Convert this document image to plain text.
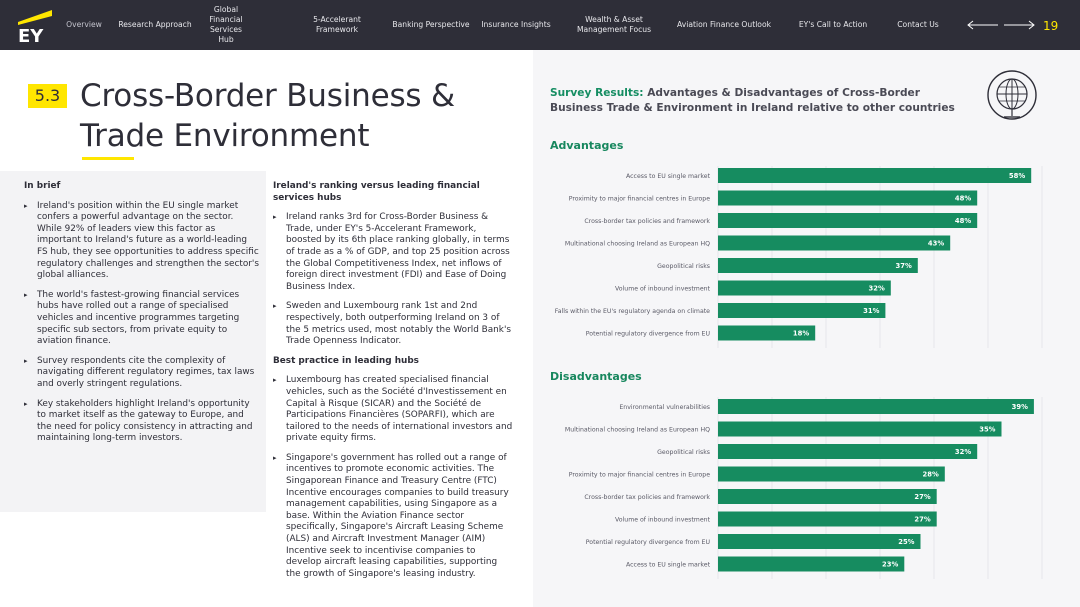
EY
Overview	Research Approach
Global Financial
Services Hub
5-Accelerant Framework
Banking Perspective Insurance Insights
Wealth & Asset
Management Focus
Aviation Finance Outlook	EY's Call to Action	Contact Us	19
5.3 Cross-Border Business &
Trade Environment
In brief
▸ Ireland's position within the EU single market confers a powerful advantage on the sector. While 92% of leaders view this factor as important to Ireland's future as a world-leading FS hub, they see opportunities to address specific regulatory challenges and strengthen the sector's global alliances.
▸ The world's fastest-growing financial services hubs have rolled out a range of specialised vehicles and incentive programmes targeting specific sub sectors, from private equity to aviation finance.
▸ Survey respondents cite the complexity of navigating different regulatory regimes, tax laws and overly stringent regulations.
▸ Key stakeholders highlight Ireland's opportunity to market itself as the gateway to Europe, and the need for policy consistency in attracting and maintaining long-term investors.
Ireland's ranking versus leading financial services hubs
▸ Ireland ranks 3rd for Cross-Border Business & Trade, under EY's 5-Accelerant Framework, boosted by its 6th place ranking globally, in terms of trade as a % of GDP, and top 25 position across the Global Competitiveness Index, net inflows of foreign direct investment (FDI) and Ease of Doing Business Index.
▸ Sweden and Luxembourg rank 1st and 2nd respectively, both outperforming Ireland on 3 of the 5 metrics used, most notably the World Bank's Trade Openness Indicator.
Best practice in leading hubs
▸ Luxembourg has created specialised financial vehicles, such as the Société d'Investissement en Capital à Risque (SICAR) and the Société de Participations Financières (SOPARFI), which are tailored to the needs of international investors and private equity firms.
▸ Singapore's government has rolled out a range of incentives to promote economic activities. The Singaporean Finance and Treasury Centre (FTC) Incentive encourages companies to build treasury management capabilities, using Singapore as a base. Within the Aviation Finance sector specifically, Singapore's Aircraft Leasing Scheme (ALS) and Aircraft Investment Manager (AIM) Incentive seek to incentivise companies to develop aircraft leasing capabilities, supporting the growth of Singapore's leasing industry.
Survey Results: Advantages & Disadvantages of Cross-Border Business Trade & Environment in Ireland relative to other countries
Advantages
Access to EU single market	58%
Proximity to major financial centres in Europe	48%
Cross-border tax policies and framework	48%
Multinational choosing Ireland as European HQ	43%
Geopolitical risks	37%
Volume of inbound investment	32%
Falls within the EU's regulatory agenda on climate	31%
Potential regulatory divergence from EU	18%
Disadvantages
Environmental vulnerabilities	39%
Multinational choosing Ireland as European HQ	35%
Geopolitical risks	32%
Proximity to major financial centres in Europe	28%
Cross-border tax policies and framework	27%
Volume of inbound investment	27%
Potential regulatory divergence from EU	25%
Access to EU single market	23%
